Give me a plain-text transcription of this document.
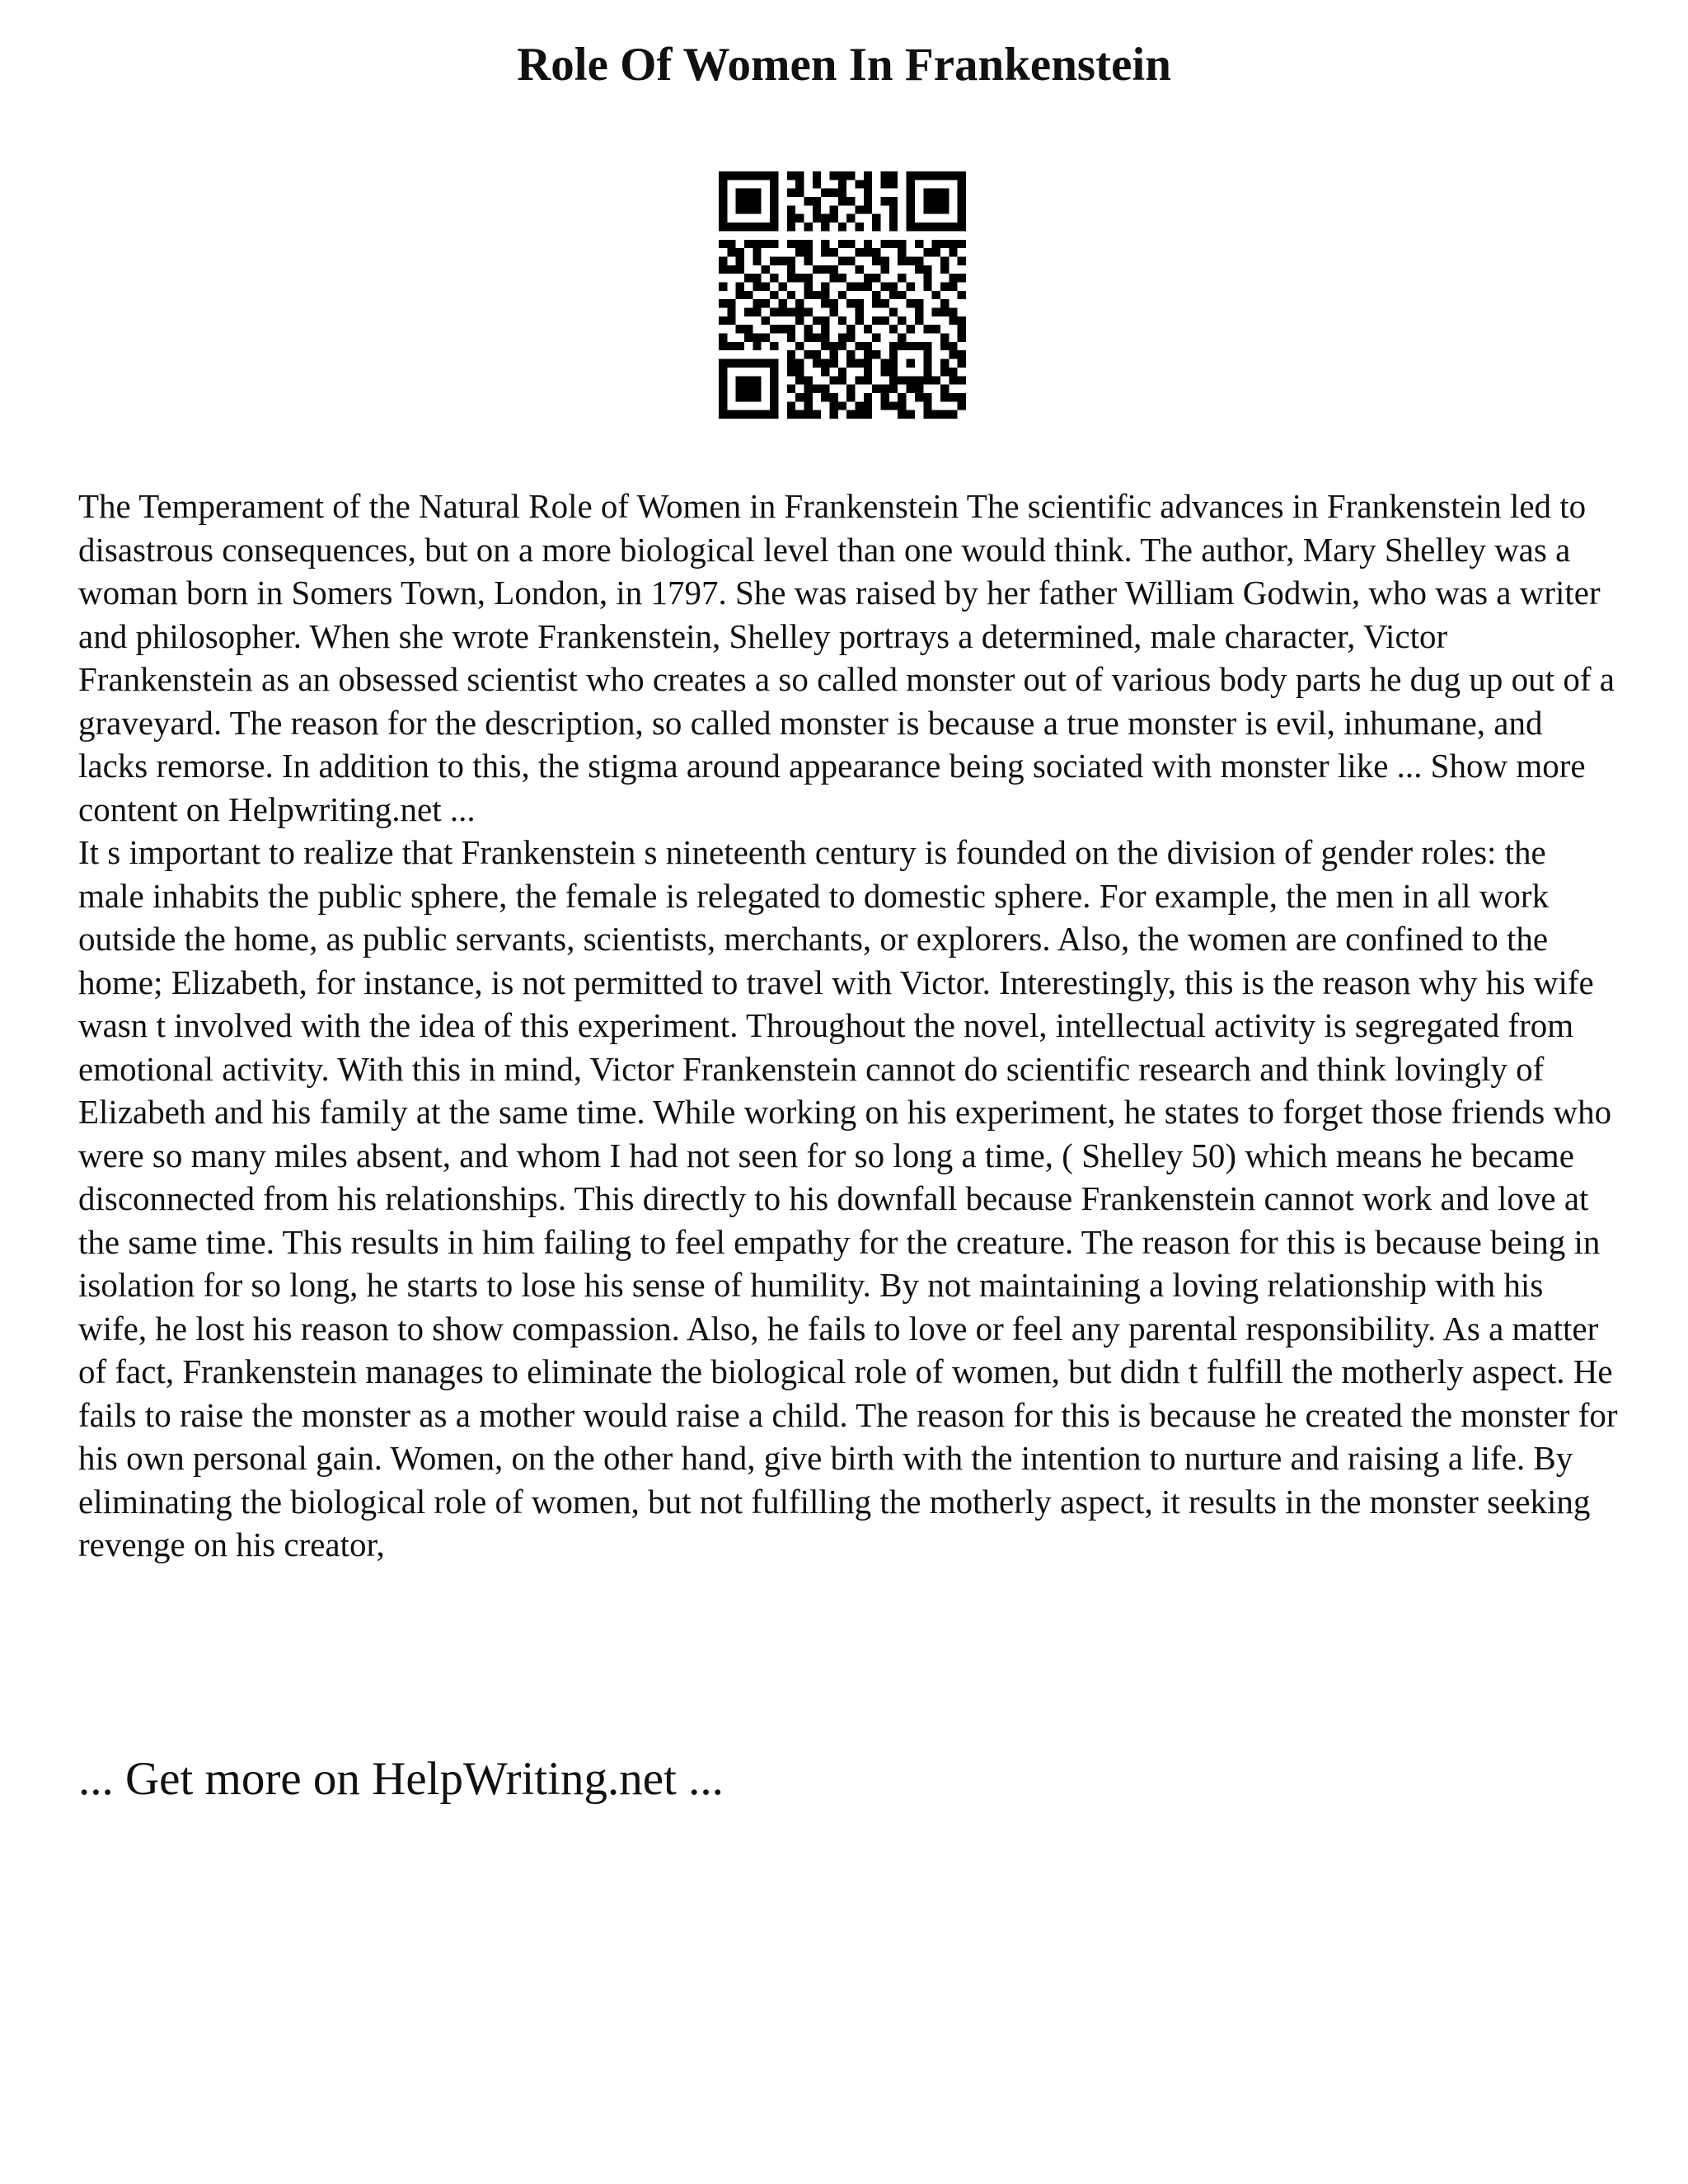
Role Of Women In Frankenstein

The Temperament of the Natural Role of Women in Frankenstein The scientific advances in Frankenstein led to disastrous consequences, but on a more biological level than one would think. The author, Mary Shelley was a woman born in Somers Town, London, in 1797. She was raised by her father William Godwin, who was a writer and philosopher. When she wrote Frankenstein, Shelley portrays a determined, male character, Victor Frankenstein as an obsessed scientist who creates a so called monster out of various body parts he dug up out of a graveyard. The reason for the description, so called monster is because a true monster is evil, inhumane, and lacks remorse. In addition to this, the stigma around appearance being sociated with monster like ... Show more content on Helpwriting.net ...

It s important to realize that Frankenstein s nineteenth century is founded on the division of gender roles: the male inhabits the public sphere, the female is relegated to domestic sphere. For example, the men in all work outside the home, as public servants, scientists, merchants, or explorers. Also, the women are confined to the home; Elizabeth, for instance, is not permitted to travel with Victor. Interestingly, this is the reason why his wife wasn t involved with the idea of this experiment. Throughout the novel, intellectual activity is segregated from emotional activity. With this in mind, Victor Frankenstein cannot do scientific research and think lovingly of Elizabeth and his family at the same time. While working on his experiment, he states to forget those friends who were so many miles absent, and whom I had not seen for so long a time, ( Shelley 50) which means he became disconnected from his relationships. This directly to his downfall because Frankenstein cannot work and love at the same time. This results in him failing to feel empathy for the creature. The reason for this is because being in isolation for so long, he starts to lose his sense of humility. By not maintaining a loving relationship with his wife, he lost his reason to show compassion. Also, he fails to love or feel any parental responsibility. As a matter of fact, Frankenstein manages to eliminate the biological role of women, but didn t fulfill the motherly aspect. He fails to raise the monster as a mother would raise a child. The reason for this is because he created the monster for his own personal gain. Women, on the other hand, give birth with the intention to nurture and raising a life. By eliminating the biological role of women, but not fulfilling the motherly aspect, it results in the monster seeking revenge on his creator,

... Get more on HelpWriting.net ...
